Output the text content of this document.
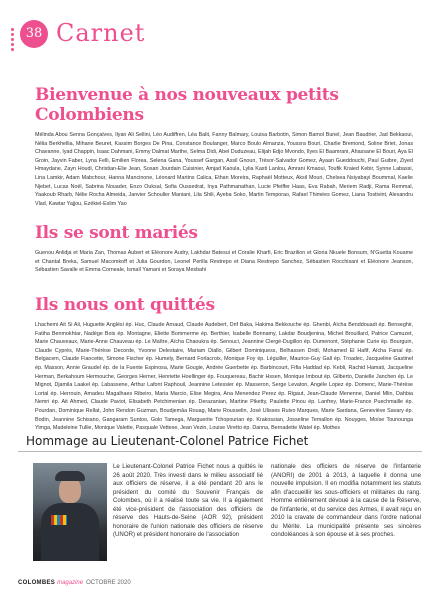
38 Carnet
Bienvenue à nos nouveaux petits Colombiens

Mélinda Abou Senna Gonçalves, Ilyan Ali Sellini, Léo Audiffren, Léa Balit, Fanny Balmary, Louisa Barbotin, Simon Bamol Bunel, Jean Baudrier, Jad Bekkaoui, Nélia Berkhellia, Mihane Beuret, Kassim Borges De Pina, Constance Boulanger, Marco Boulo Almanza, Youssra Bouri, Charlie Bremond, Soline Briet, Jonas Chavanne, Iyad Chappin, Isaac Dahmani, Emmy Dalmat Marthe, Selma Didi, Abel Duduzeau, Elijah Edjo Mvondo, Ilyes El Baamrani, Ahassane El Bouri, Aya El Groin, Jayvin Faber, Lyna Felli, Emilien Florea, Selena Gana, Youssef Gargan, Assil Gnoun, Trésor-Salvador Gomez, Ayaan Gueddouchi, Paul Guibre, Ziyed Hmaydane, Zayn Houdi, Christian-Elie Jean, Sosan Jourdain Cuisinier, Amjad Kaoula, Lylia Kasti Lanlou, Amrani Kmaoui, Toufik Kraied Kebir, Synne Labassi, Lina Lamkir, Adam Mabchour, Hanna Mancinone, Léonard Martins Calica, Ethan Moreira, Raphaël Motteux, Aksil Mouri, Chelsea Nsiyabayi Boummal, Kaelie Njebet, Lucas Noël, Sabrina Nouader, Enzo Ouksal, Sofia Oussedrat, Inya Pathmanathan, Lucie Pfeiffer Haas, Eva Rabah, Meriem Radji, Rama Remmal, Yaakoub Rharb, Nélie Rocha Almeida, Janvier Schouller Maniani, Lila Shili, Ayeba Soko, Martin Temporao, Rafael Thimées Gomez, Liana Tostivint, Alexandru Vlad, Kawtar Yajjou, Ezékiel-Eslim Yao

Ils se sont mariés

Guenou Anlidja et Maria Zan, Thomas Aubert et Eléonore Audry, Lakhdar Batesui et Coralie Kharfi, Eric Brazilion et Gloria Nkuele Bonsum, N'Guetta Kouame et Chantal Breka, Samuel Macomkoff et Julia Gourdon, Leonel Perilla Restrepo et Diana Restrepo Sanchez, Sébastien Rocchisani et Eléonore Jeanson, Sébastien Savalle et Emma Corneale, Ismaïl Yamani et Soraya Mesbahi

Ils nous ont quittés

Lhachemi Ait Si Ali, Huguette Anglési ép. Huc, Claude Arnaud, Claude Audebert, Drif Baka, Hakima Bekkouche ép. Ghenbi, Aïcha Benddouadi ép. Benseghir, Fatiha Benmokhtar, Nadège Bois ép. Montagne, Eliette Bommerme ép. Berthier, Isabelle Bonnamy, Lakdar Boudjenina, Michel Brouillard, Patrice Camuzet, Marie Chauveaux, Marie-Anne Chauveau ép. Le Maître, Aïcha Chaoukra ép. Senouci, Jeannine Clergé-Dugillon ép. Dumenont, Stéphanie Curie ép. Bourguin, Claude Cyprès, Marie-Thérèse Decorde, Yvonne Delestaire, Mariam Diallo, Gilbert Dominiquess, Belhassen Dridi, Mohamed El Hafif, Aïcha Fanaï ép. Belgacem, Claude Fiancette, Simone Fischer ép. Humely, Bernard Forlacroix, Monique Foy ép. Léguiller, Maurice-Guy Gall ép. Troadec, Jacqueline Gastinel ép. Masson, Annie Graudel ép. de la Fuente Espinosa, Marie Gougie, Andrée Guerbette ép. Barbincourt, Fifia Haddad ép. Kebli, Rachid Hamati, Jacqueline Herman, Berkahoum Hermouche, Georges Herner, Henriette Hoellinger ép. Fouquereau, Bachir Hssen, Monique Imbout ép. Gilberto, Danielle Janchen ép. Le Mignot, Djamila Laakel ép. Labassene, Arthur Lafont Raphouil, Jeannine Letessier ép. Masseron, Serge Levaton, Angèle Lopez ép. Domenc, Marie-Thérèse Lortal ép. Herrouin, Amadeu Magalhaes Ribeiro, Maria Marcio, Elise Megira, Ana Menendez Perez ép. Rigaut, Jean-Claude Menenne, Daniel Mlin, Dahbia Nemri ép. Ait Ahmed, Claude Paviot, Elisabeth Petchimenian ép. Derazanian, Martine Piketty, Paulette Pinou ép. Lanfrey, Marie-France Puechmaille ép. Pourdan, Dominique Rellat, John Rendon Guzman, Boudjemâa Rouag, Marie Rousselin, José Ulisses Ruivo Marques, Marie Sardana, Geneviève Savary ép. Bodin, Jeannine Schisano, Gangaram Suntoo, Golo Tamega, Marguerite Tchopourian ép. Krakossian, Josseline Temallon ép. Nouyges, Moïse Tounounga Yimga, Madeleine Tullie, Monique Valette, Pasquale Vettese, Jean Vezin, Louise Viretto ép. Danna, Bernadette Watel ép. Mothes

Hommage au Lieutenant-Colonel Patrice Fichet
Le Lieutenant-Colonel Patrice Fichet nous a quittés le 26 août 2020. Très investi dans le milieu associatif lié aux officiers de réserve, il a été pendant 20 ans le président du comité du Souvenir Français de Colombes, où il a réalisé toute sa vie. Il a également été vice-président de l'association des officiers de réserve des Hauts-de-Seine (AOR 92), président honoraire de l'union nationale des officiers de réserve (UNOR) et président honoraire de l'association
nationale des officiers de réserve de l'infanterie (ANORI) de 2001 à 2013, à laquelle il donna une nouvelle impulsion. Il en modifia notamment les statuts afin d'accueillir les sous-officiers et militaires du rang. Homme entièrement dévoué à la cause de la Réserve, de l'infanterie, et du service des Armes, il avait reçu en 2010 la cravate de commandeur dans l'ordre national du Mérite. La municipalité présente ses sincères condoléances à son épouse et à ses proches.
COLOMBES magazine OCTOBRE 2020
